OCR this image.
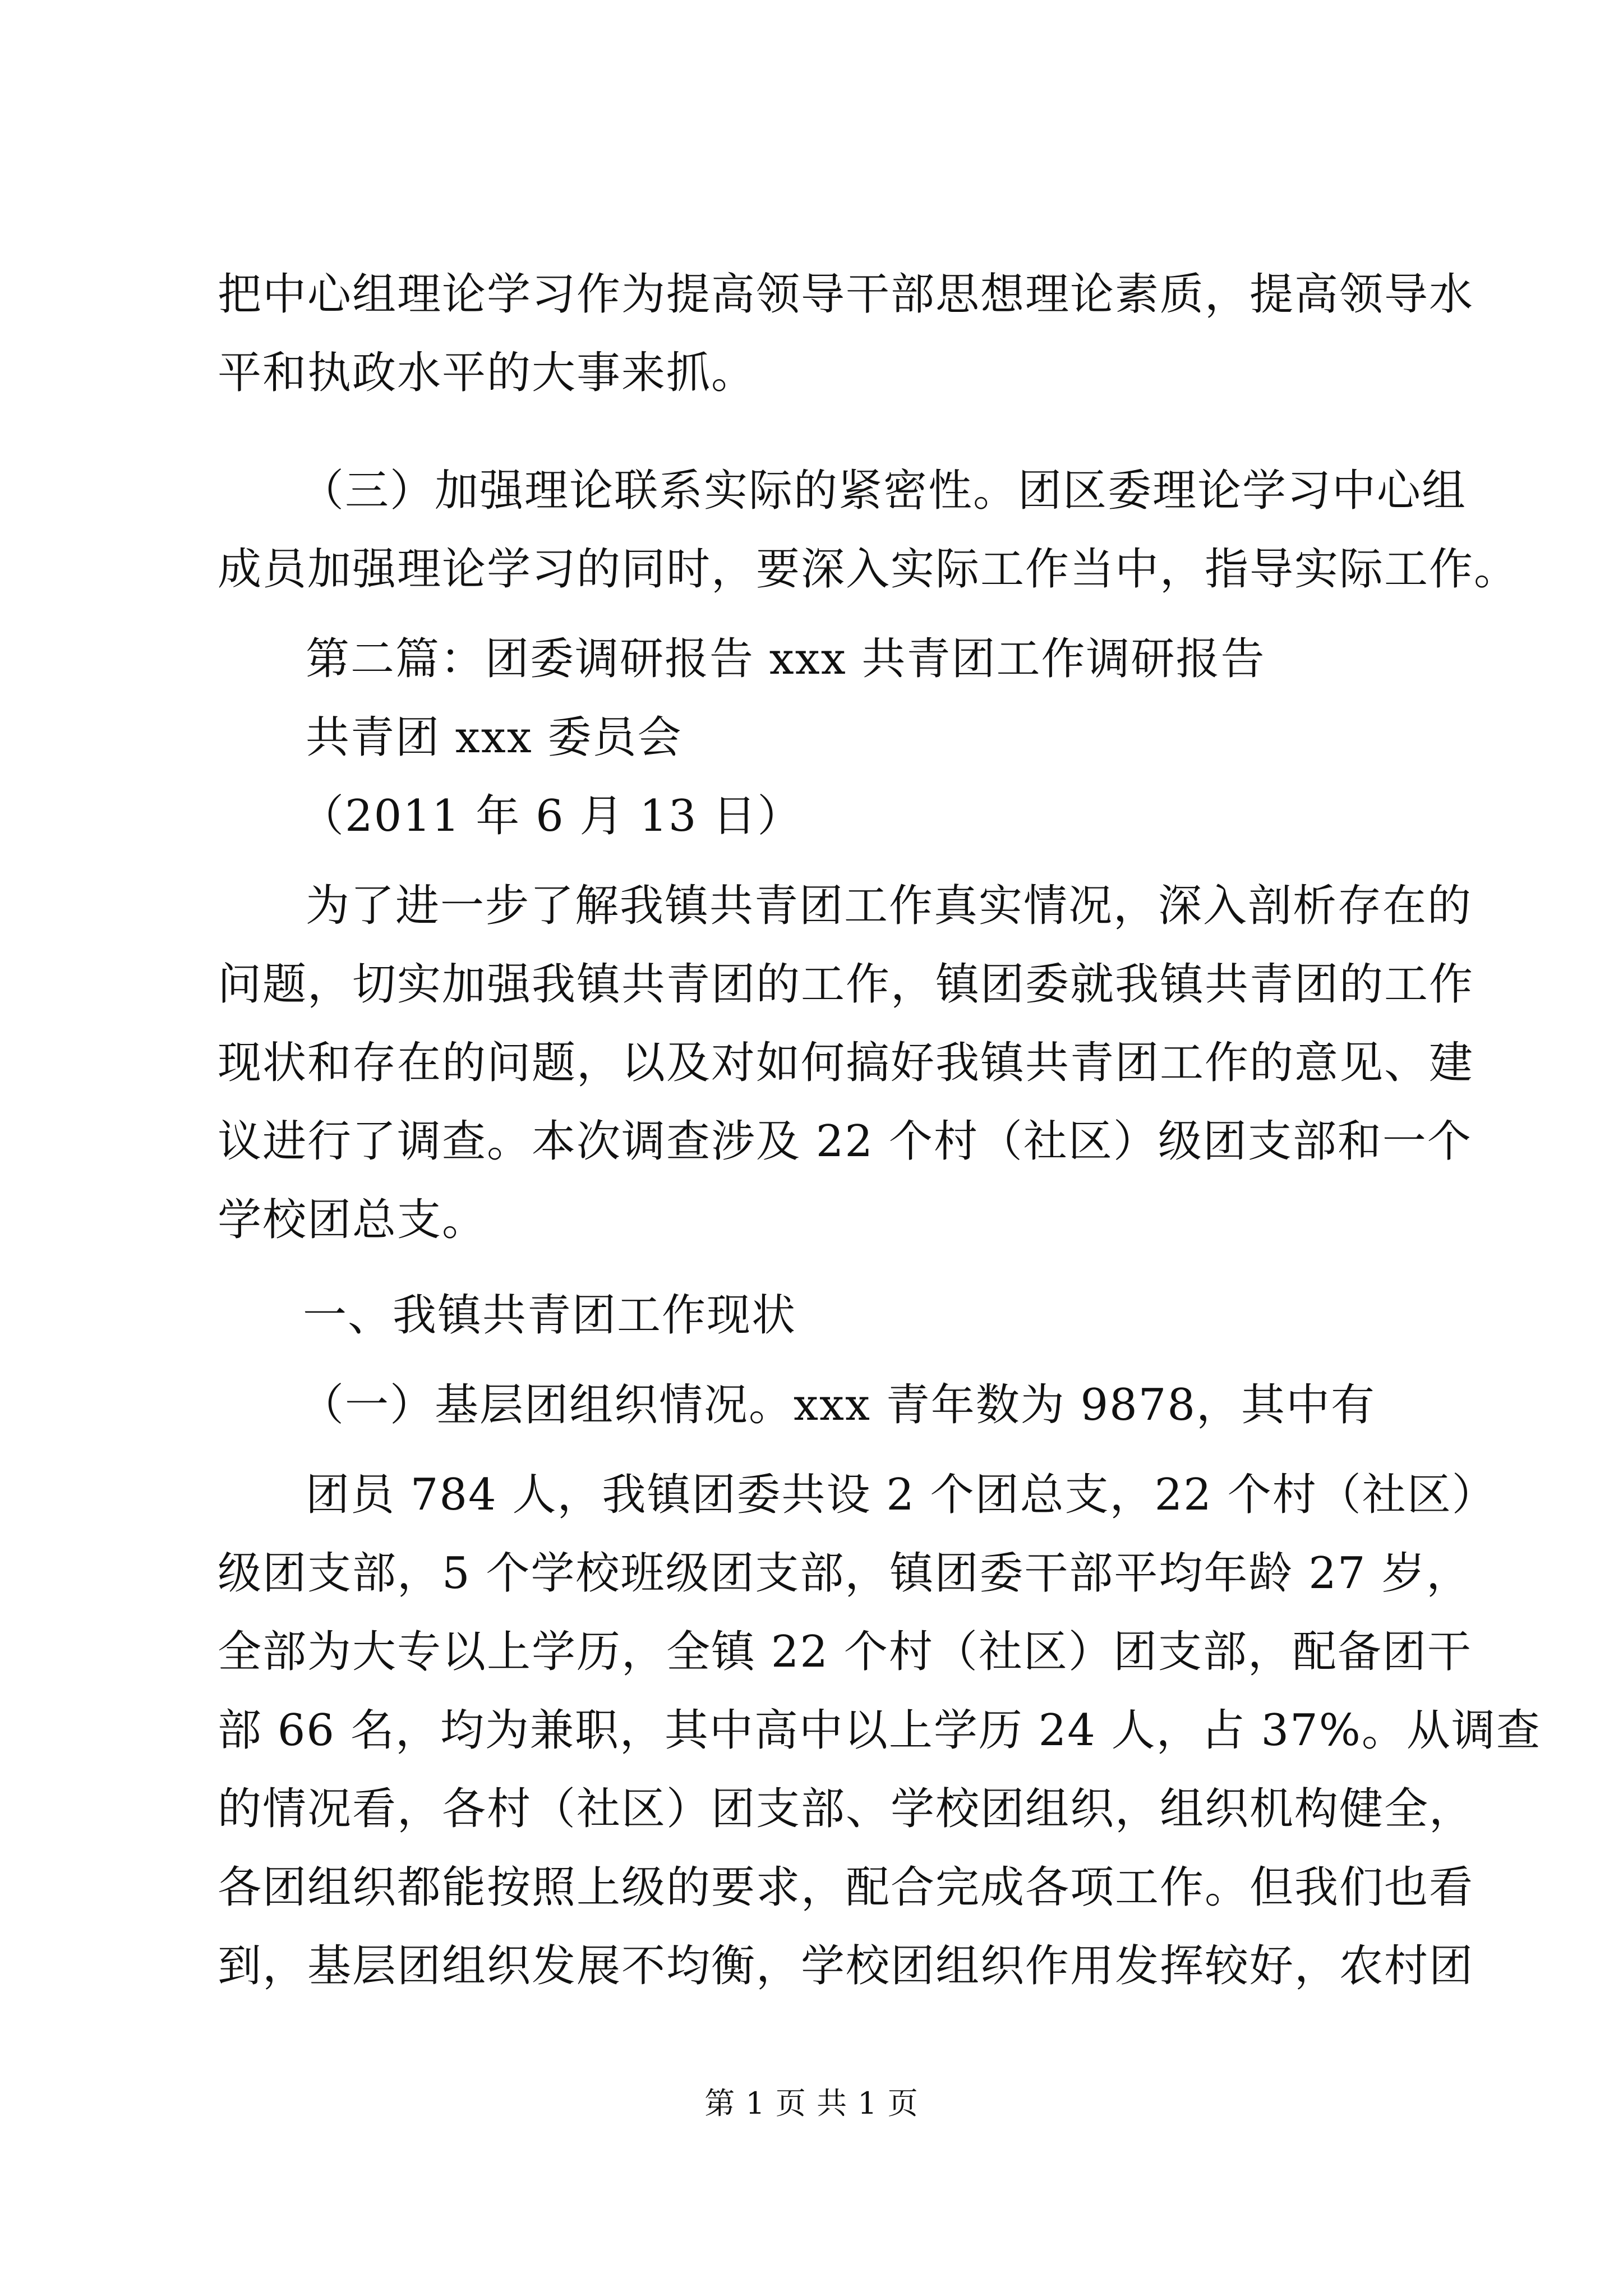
把中心组理论学习作为提高领导干部思想理论素质，提高领导水
平和执政水平的大事来抓。
（三）加强理论联系实际的紧密性。团区委理论学习中心组
成员加强理论学习的同时，要深入实际工作当中，指导实际工作。
第二篇：团委调研报告 xxx 共青团工作调研报告
共青团 xxx 委员会
（2011 年 6 月 13 日）
为了进一步了解我镇共青团工作真实情况，深入剖析存在的
问题，切实加强我镇共青团的工作，镇团委就我镇共青团的工作
现状和存在的问题，以及对如何搞好我镇共青团工作的意见、建
议进行了调查。本次调查涉及 22 个村（社区）级团支部和一个
学校团总支。
一、我镇共青团工作现状
（一）基层团组织情况。xxx 青年数为 9878，其中有
团员 784 人，我镇团委共设 2 个团总支，22 个村（社区）
级团支部，5 个学校班级团支部，镇团委干部平均年龄 27 岁，
全部为大专以上学历，全镇 22 个村（社区）团支部，配备团干
部 66 名，均为兼职，其中高中以上学历 24 人，占 37%。从调查
的情况看，各村（社区）团支部、学校团组织，组织机构健全，
各团组织都能按照上级的要求，配合完成各项工作。但我们也看
到，基层团组织发展不均衡，学校团组织作用发挥较好，农村团
第 1 页 共 1 页
